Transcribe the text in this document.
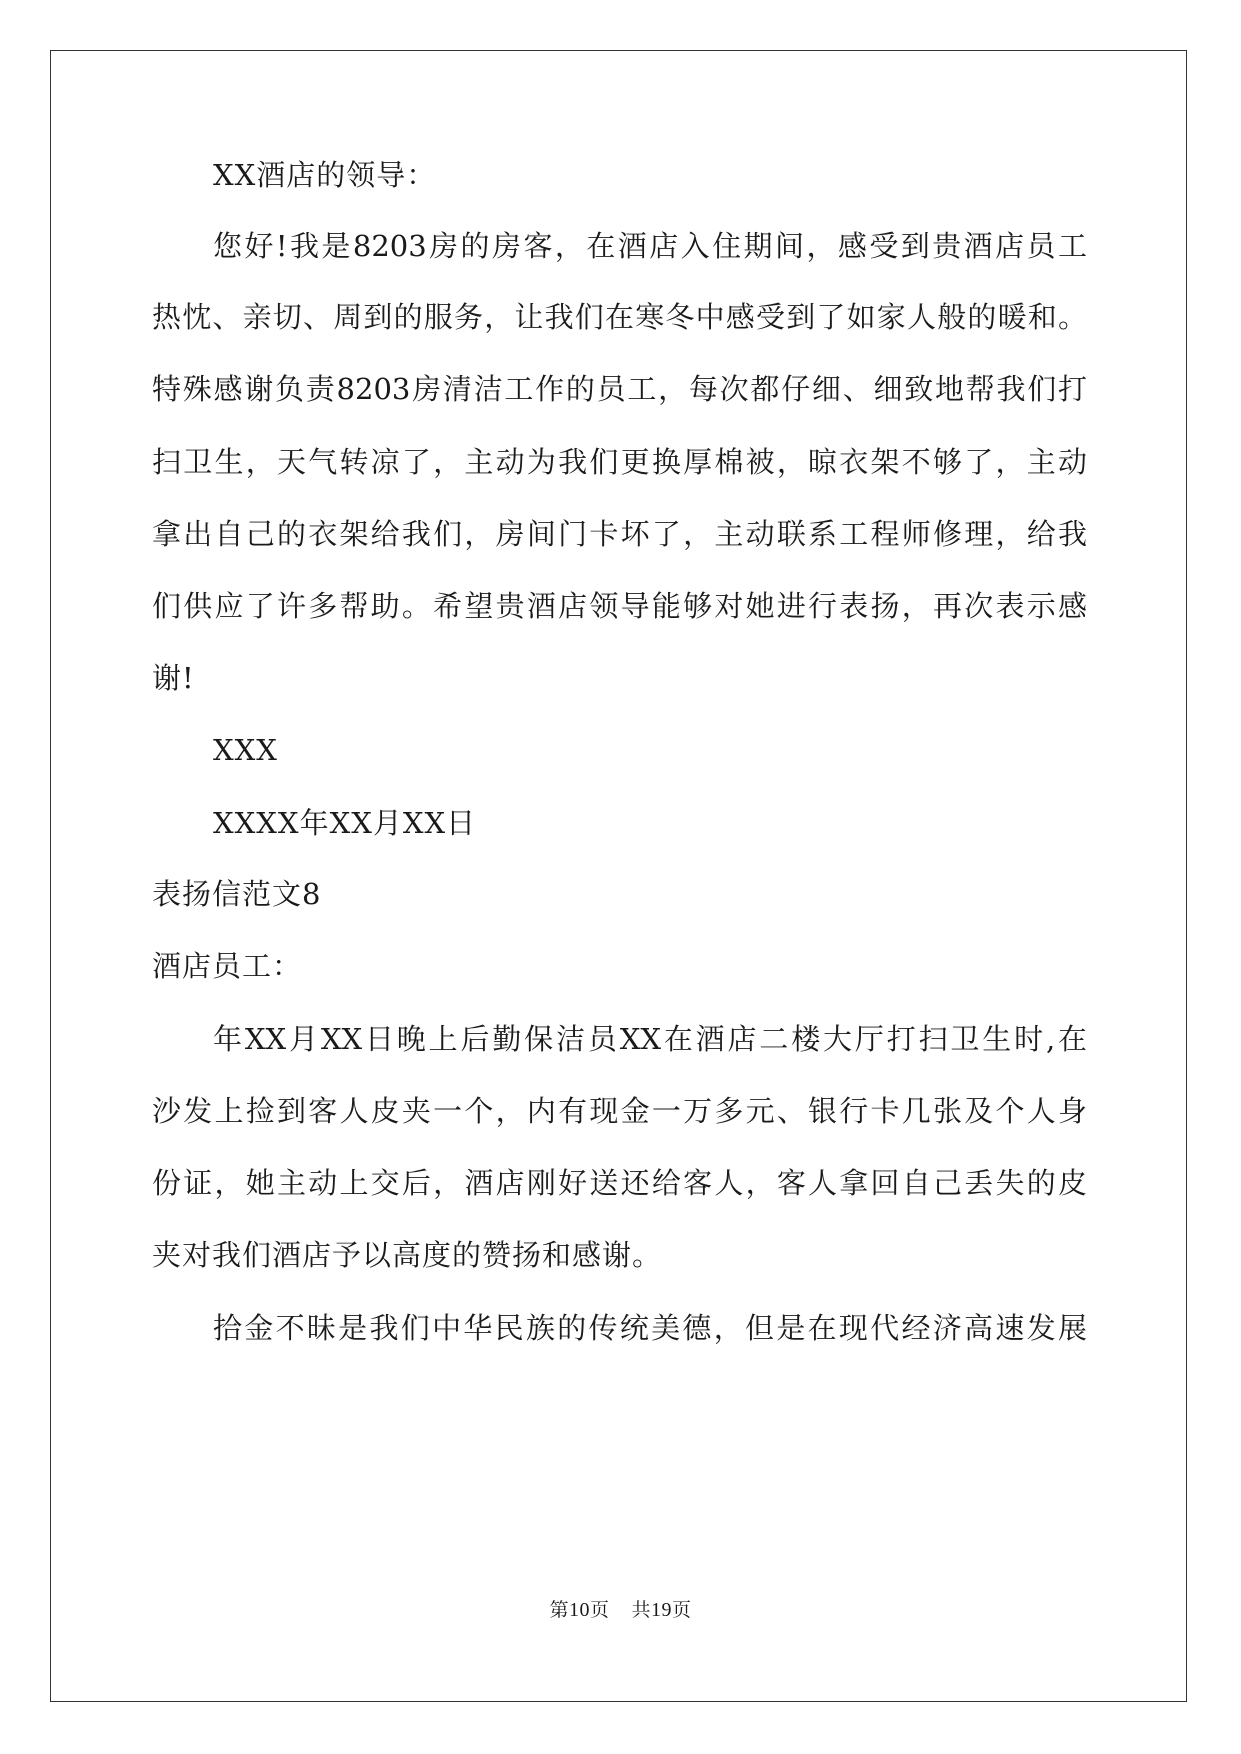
XX酒店的领导：
您好!我是8203房的房客，在酒店入住期间，感受到贵酒店员工
热忱、亲切、周到的服务，让我们在寒冬中感受到了如家人般的暖和。
特殊感谢负责8203房清洁工作的员工，每次都仔细、细致地帮我们打
扫卫生，天气转凉了，主动为我们更换厚棉被，晾衣架不够了，主动
拿出自己的衣架给我们，房间门卡坏了，主动联系工程师修理，给我
们供应了许多帮助。希望贵酒店领导能够对她进行表扬，再次表示感
谢!
XXX
XXXX年XX月XX日
表扬信范文8
酒店员工：
年XX月XX日晚上后勤保洁员XX在酒店二楼大厅打扫卫生时,在
沙发上捡到客人皮夹一个，内有现金一万多元、银行卡几张及个人身
份证，她主动上交后，酒店刚好送还给客人，客人拿回自己丢失的皮
夹对我们酒店予以高度的赞扬和感谢。
拾金不昧是我们中华民族的传统美德，但是在现代经济高速发展
第10页 共19页
